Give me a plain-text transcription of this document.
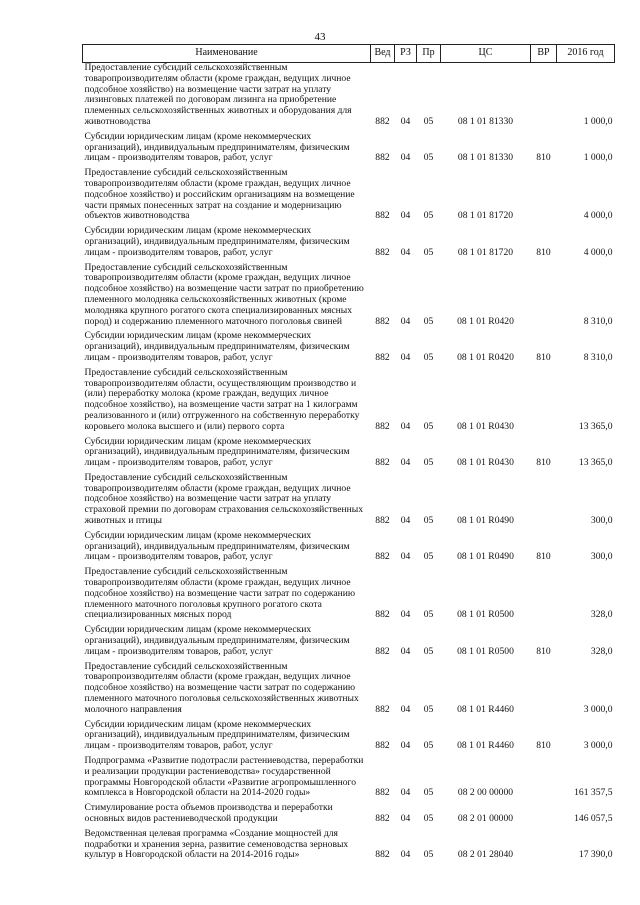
43
Наименование	Вед	РЗ	Пр	ЦС	ВР	2016 год
Предоставление субсидий сельскохозяйственным товаропроизводителям области (кроме граждан, ведущих личное подсобное хозяйство) на возмещение части затрат на уплату лизинговых платежей по договорам лизинга на приобретение племенных сельскохозяйственных животных и оборудования для животноводства	882	04	05	08 1 01 81330		1 000,0
Субсидии юридическим лицам (кроме некоммерческих организаций), индивидуальным предпринимателям, физическим лицам - производителям товаров, работ, услуг	882	04	05	08 1 01 81330	810	1 000,0
Предоставление субсидий сельскохозяйственным товаропроизводителям области (кроме граждан, ведущих личное подсобное хозяйство) и российским организациям на возмещение части прямых понесенных затрат на создание и модернизацию объектов животноводства	882	04	05	08 1 01 81720		4 000,0
Субсидии юридическим лицам (кроме некоммерческих организаций), индивидуальным предпринимателям, физическим лицам - производителям товаров, работ, услуг	882	04	05	08 1 01 81720	810	4 000,0
Предоставление субсидий сельскохозяйственным товаропроизводителям области (кроме граждан, ведущих личное подсобное хозяйство) на возмещение части затрат по приобретению племенного молодняка сельскохозяйственных животных (кроме молодняка крупного рогатого скота специализированных мясных пород) и содержанию племенного маточного поголовья свиней	882	04	05	08 1 01 R0420		8 310,0
Субсидии юридическим лицам (кроме некоммерческих организаций), индивидуальным предпринимателям, физическим лицам - производителям товаров, работ, услуг	882	04	05	08 1 01 R0420	810	8 310,0
Предоставление субсидий сельскохозяйственным товаропроизводителям области, осуществляющим производство и (или) переработку молока (кроме граждан, ведущих личное подсобное хозяйство), на возмещение части затрат на 1 килограмм реализованного и (или) отгруженного на собственную переработку коровьего молока высшего и (или) первого сорта	882	04	05	08 1 01 R0430		13 365,0
Субсидии юридическим лицам (кроме некоммерческих организаций), индивидуальным предпринимателям, физическим лицам - производителям товаров, работ, услуг	882	04	05	08 1 01 R0430	810	13 365,0
Предоставление субсидий сельскохозяйственным товаропроизводителям области (кроме граждан, ведущих личное подсобное хозяйство) на возмещение части затрат на уплату страховой премии по договорам страхования сельскохозяйственных животных и птицы	882	04	05	08 1 01 R0490		300,0
Субсидии юридическим лицам (кроме некоммерческих организаций), индивидуальным предпринимателям, физическим лицам - производителям товаров, работ, услуг	882	04	05	08 1 01 R0490	810	300,0
Предоставление субсидий сельскохозяйственным товаропроизводителям области (кроме граждан, ведущих личное подсобное хозяйство) на возмещение части затрат по содержанию племенного маточного поголовья крупного рогатого скота специализированных мясных пород	882	04	05	08 1 01 R0500		328,0
Субсидии юридическим лицам (кроме некоммерческих организаций), индивидуальным предпринимателям, физическим лицам - производителям товаров, работ, услуг	882	04	05	08 1 01 R0500	810	328,0
Предоставление субсидий сельскохозяйственным товаропроизводителям области (кроме граждан, ведущих личное подсобное хозяйство) на возмещение части затрат по содержанию племенного маточного поголовья сельскохозяйственных животных молочного направления	882	04	05	08 1 01 R4460		3 000,0
Субсидии юридическим лицам (кроме некоммерческих организаций), индивидуальным предпринимателям, физическим лицам - производителям товаров, работ, услуг	882	04	05	08 1 01 R4460	810	3 000,0
Подпрограмма «Развитие подотрасли растениеводства, переработки и реализации продукции растениеводства» государственной программы Новгородской области «Развитие агропромышленного комплекса в Новгородской области на 2014-2020 годы»	882	04	05	08 2 00 00000		161 357,5
Стимулирование роста объемов производства и переработки основных видов растениеводческой продукции	882	04	05	08 2 01 00000		146 057,5
Ведомственная целевая программа «Создание мощностей для подработки и хранения зерна, развитие семеноводства зерновых культур в Новгородской области на 2014-2016 годы»	882	04	05	08 2 01 28040		17 390,0
